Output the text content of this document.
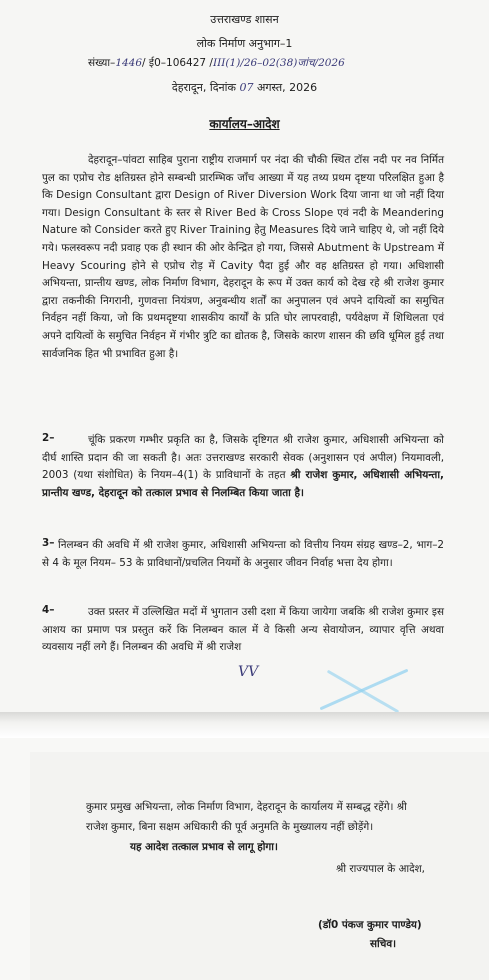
उत्तराखण्ड शासन
लोक निर्माण अनुभाग–1
संख्या–1446/ ई0–106427 /III(1)/26–02(38)जांच/2026
देहरादून, दिनांक 07 अगस्त, 2026
कार्यालय–आदेश
देहरादून–पांवटा साहिब पुराना राष्ट्रीय राजमार्ग पर नंदा की चौकी स्थित टॉस नदी पर नव निर्मित पुल का एप्रोच रोड क्षतिग्रस्त होने सम्बन्धी प्रारम्भिक जाँच आख्या में यह तथ्य प्रथम दृष्टया परिलक्षित हुआ है कि Design Consultant द्वारा Design of River Diversion Work दिया जाना था जो नहीं दिया गया। Design Consultant के स्तर से River Bed के Cross Slope एवं नदी के Meandering Nature को Consider करते हुए River Training हेतु Measures दिये जाने चाहिए थे, जो नहीं दिये गये। फलस्वरूप नदी प्रवाह एक ही स्थान की ओर केन्द्रित हो गया, जिससे Abutment के Upstream में Heavy Scouring होने से एप्रोच रोड़ में Cavity पैदा हुई और वह क्षतिग्रस्त हो गया। अधिशासी अभियन्ता, प्रान्तीय खण्ड, लोक निर्माण विभाग, देहरादून के रूप में उक्त कार्य को देख रहे श्री राजेश कुमार द्वारा तकनीकी निगरानी, गुणवत्ता नियंत्रण, अनुबन्धीय शर्तों का अनुपालन एवं अपने दायित्वों का समुचित निर्वहन नहीं किया, जो कि प्रथमदृष्टया शासकीय कार्यों के प्रति घोर लापरवाही, पर्यवेक्षण में शिथिलता एवं अपने दायित्वों के समुचित निर्वहन में गंभीर त्रुटि का द्योतक है, जिसके कारण शासन की छवि धूमिल हुई तथा सार्वजनिक हित भी प्रभावित हुआ है।
2–	चूंकि प्रकरण गम्भीर प्रकृति का है, जिसके दृष्टिगत श्री राजेश कुमार, अधिशासी अभियन्ता को दीर्घ शास्ति प्रदान की जा सकती है। अतः उत्तराखण्ड सरकारी सेवक (अनुशासन एवं अपील) नियमावली, 2003 (यथा संशोधित) के नियम–4(1) के प्राविधानों के तहत श्री राजेश कुमार, अधिशासी अभियन्ता, प्रान्तीय खण्ड, देहरादून को तत्काल प्रभाव से निलम्बित किया जाता है।
3– निलम्बन की अवधि में श्री राजेश कुमार, अधिशासी अभियन्ता को वित्तीय नियम संग्रह खण्ड–2, भाग–2 से 4 के मूल नियम– 53 के प्राविधानों/प्रचलित नियमों के अनुसार जीवन निर्वाह भत्ता देय होगा।
4–	उक्त प्रस्तर में उल्लिखित मदों में भुगतान उसी दशा में किया जायेगा जबकि श्री राजेश कुमार इस आशय का प्रमाण पत्र प्रस्तुत करें कि निलम्बन काल में वे किसी अन्य सेवायोजन, व्यापार वृत्ति अथवा व्यवसाय नहीं लगे हैं। निलम्बन की अवधि में श्री राजेश
VV
कुमार प्रमुख अभियन्ता, लोक निर्माण विभाग, देहरादून के कार्यालय में सम्बद्ध रहेंगे। श्री
राजेश कुमार, बिना सक्षम अधिकारी की पूर्व अनुमति के मुख्यालय नहीं छोड़ेंगे।
यह आदेश तत्काल प्रभाव से लागू होगा।
श्री राज्यपाल के आदेश,
(डॉ0 पंकज कुमार पाण्डेय)
सचिव।
